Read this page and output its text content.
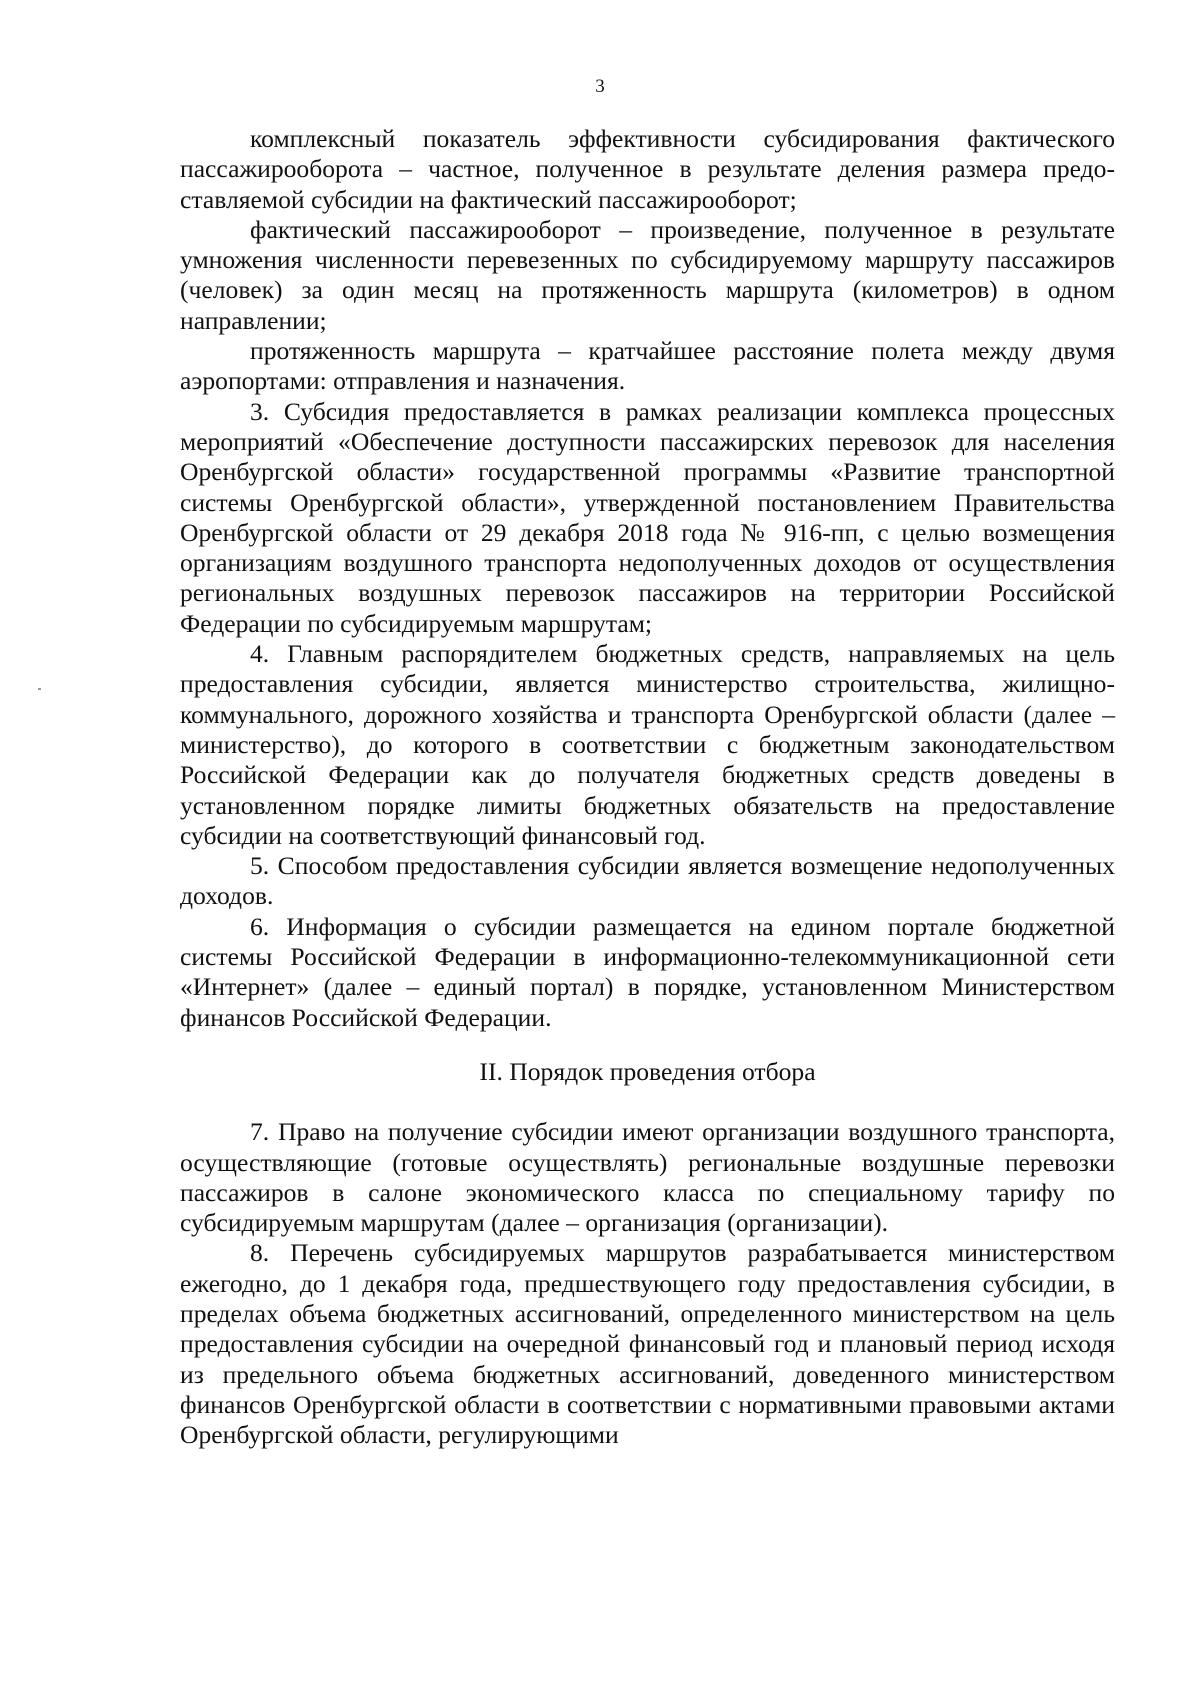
3

комплексный показатель эффективности субсидирования фактического пассажирооборота – частное, полученное в результате деления размера предоставляемой субсидии на фактический пассажирооборот;

фактический пассажирооборот – произведение, полученное в результате умножения численности перевезенных по субсидируемому маршруту пассажиров (человек) за один месяц на протяженность маршрута (километров) в одном направлении;

протяженность маршрута – кратчайшее расстояние полета между двумя аэропортами: отправления и назначения.

3. Субсидия предоставляется в рамках реализации комплекса процессных мероприятий «Обеспечение доступности пассажирских перевозок для населения Оренбургской области» государственной программы «Развитие транспортной системы Оренбургской области», утвержденной постановлением Правительства Оренбургской области от 29 декабря 2018 года № 916-пп, с целью возмещения организациям воздушного транспорта недополученных доходов от осуществления региональных воздушных перевозок пассажиров на территории Российской Федерации по субсидируемым маршрутам;

4. Главным распорядителем бюджетных средств, направляемых на цель предоставления субсидии, является министерство строительства, жилищно-коммунального, дорожного хозяйства и транспорта Оренбургской области (далее – министерство), до которого в соответствии с бюджетным законодательством Российской Федерации как до получателя бюджетных средств доведены в установленном порядке лимиты бюджетных обязательств на предоставление субсидии на соответствующий финансовый год.

5. Способом предоставления субсидии является возмещение недополученных доходов.

6. Информация о субсидии размещается на едином портале бюджетной системы Российской Федерации в информационно-телекоммуникационной сети «Интернет» (далее – единый портал) в порядке, установленном Министерством финансов Российской Федерации.

II. Порядок проведения отбора

7. Право на получение субсидии имеют организации воздушного транспорта, осуществляющие (готовые осуществлять) региональные воздушные перевозки пассажиров в салоне экономического класса по специальному тарифу по субсидируемым маршрутам (далее – организация (организации).

8. Перечень субсидируемых маршрутов разрабатывается министерством ежегодно, до 1 декабря года, предшествующего году предоставления субсидии, в пределах объема бюджетных ассигнований, определенного министерством на цель предоставления субсидии на очередной финансовый год и плановый период исходя из предельного объема бюджетных ассигнований, доведенного министерством финансов Оренбургской области в соответствии с нормативными правовыми актами Оренбургской области, регулирующими
